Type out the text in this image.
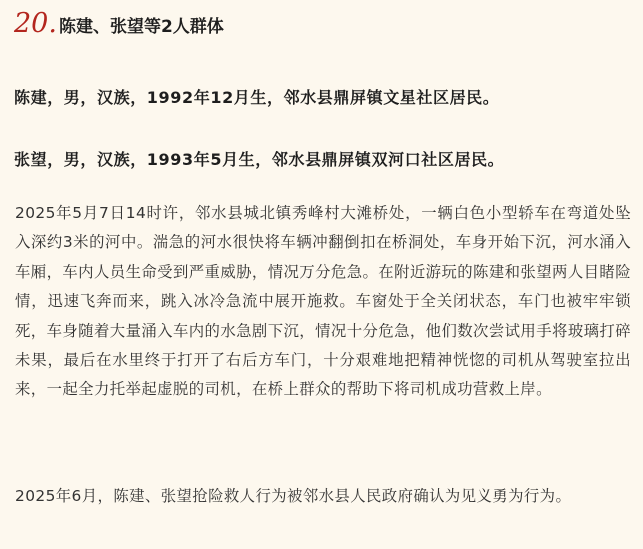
20. 陈建、张望等2人群体
陈建，男，汉族，1992年12月生，邻水县鼎屏镇文星社区居民。
张望，男，汉族，1993年5月生，邻水县鼎屏镇双河口社区居民。

2025年5月7日14时许，邻水县城北镇秀峰村大滩桥处，一辆白色小型轿车在弯道处坠入深约3米的河中。湍急的河水很快将车辆冲翻倒扣在桥洞处，车身开始下沉，河水涌入车厢，车内人员生命受到严重威胁，情况万分危急。在附近游玩的陈建和张望两人目睹险情，迅速飞奔而来，跳入冰冷急流中展开施救。车窗处于全关闭状态，车门也被牢牢锁死，车身随着大量涌入车内的水急剧下沉，情况十分危急，他们数次尝试用手将玻璃打碎未果，最后在水里终于打开了右后方车门，十分艰难地把精神恍惚的司机从驾驶室拉出来，一起全力托举起虚脱的司机，在桥上群众的帮助下将司机成功营救上岸。

2025年6月，陈建、张望抢险救人行为被邻水县人民政府确认为见义勇为行为。
